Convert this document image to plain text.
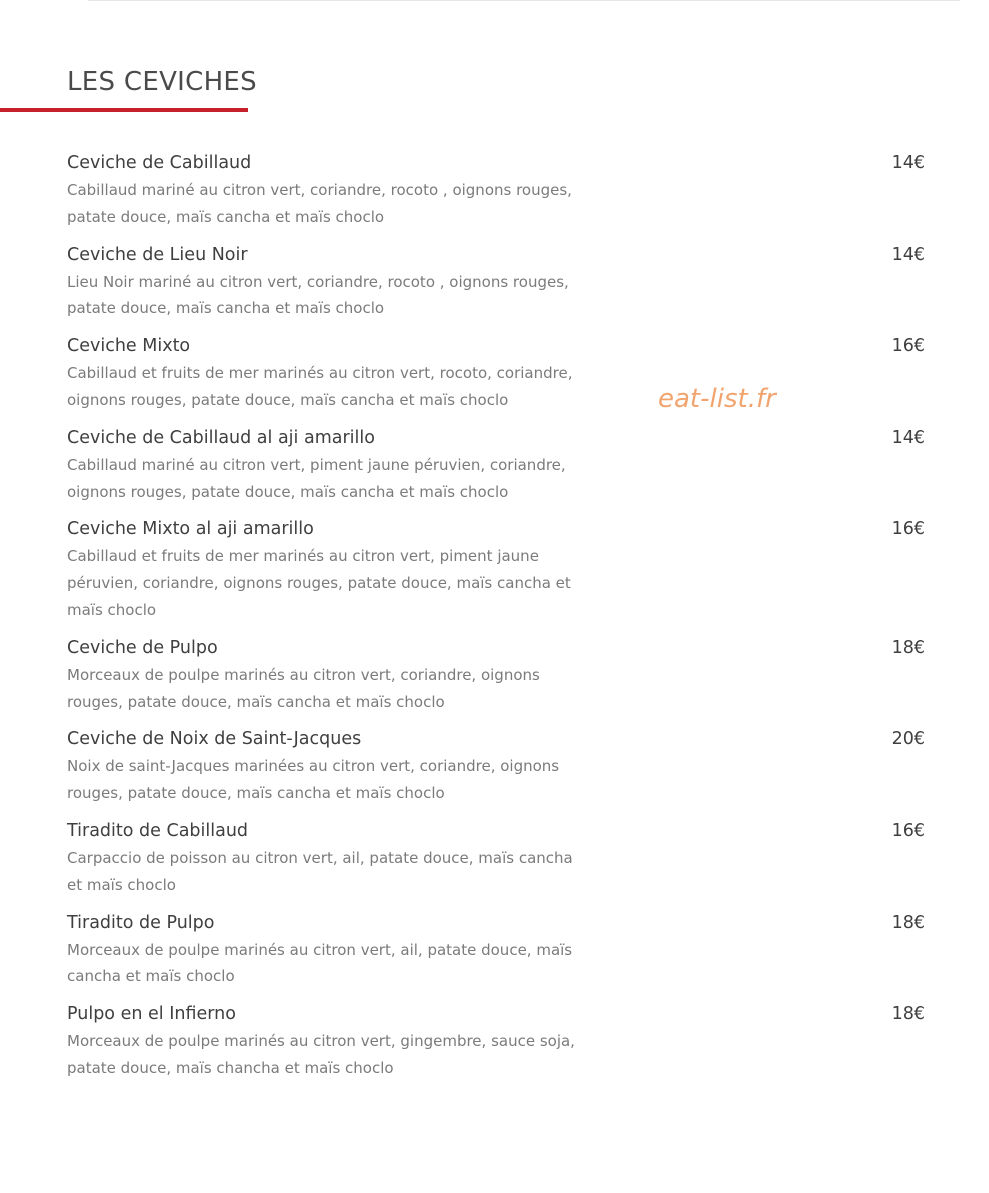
LES CEVICHES
eat-list.fr
Ceviche de Cabillaud
Cabillaud mariné au citron vert, coriandre, rocoto , oignons rouges, patate douce, maïs cancha et maïs choclo
14€
Ceviche de Lieu Noir
Lieu Noir mariné au citron vert, coriandre, rocoto , oignons rouges, patate douce, maïs cancha et maïs choclo
14€
Ceviche Mixto
Cabillaud et fruits de mer marinés au citron vert, rocoto, coriandre, oignons rouges, patate douce, maïs cancha et maïs choclo
16€
Ceviche de Cabillaud al aji amarillo
Cabillaud mariné au citron vert, piment jaune péruvien, coriandre, oignons rouges, patate douce, maïs cancha et maïs choclo
14€
Ceviche Mixto al aji amarillo
Cabillaud et fruits de mer marinés au citron vert, piment jaune péruvien, coriandre, oignons rouges, patate douce, maïs cancha et maïs choclo
16€
Ceviche de Pulpo
Morceaux de poulpe marinés au citron vert, coriandre, oignons rouges, patate douce, maïs cancha et maïs choclo
18€
Ceviche de Noix de Saint-Jacques
Noix de saint-Jacques marinées au citron vert, coriandre, oignons rouges, patate douce, maïs cancha et maïs choclo
20€
Tiradito de Cabillaud
Carpaccio de poisson au citron vert, ail, patate douce, maïs cancha et maïs choclo
16€
Tiradito de Pulpo
Morceaux de poulpe marinés au citron vert, ail, patate douce, maïs cancha et maïs choclo
18€
Pulpo en el Infierno
Morceaux de poulpe marinés au citron vert, gingembre, sauce soja, patate douce, maïs chancha et maïs choclo
18€
